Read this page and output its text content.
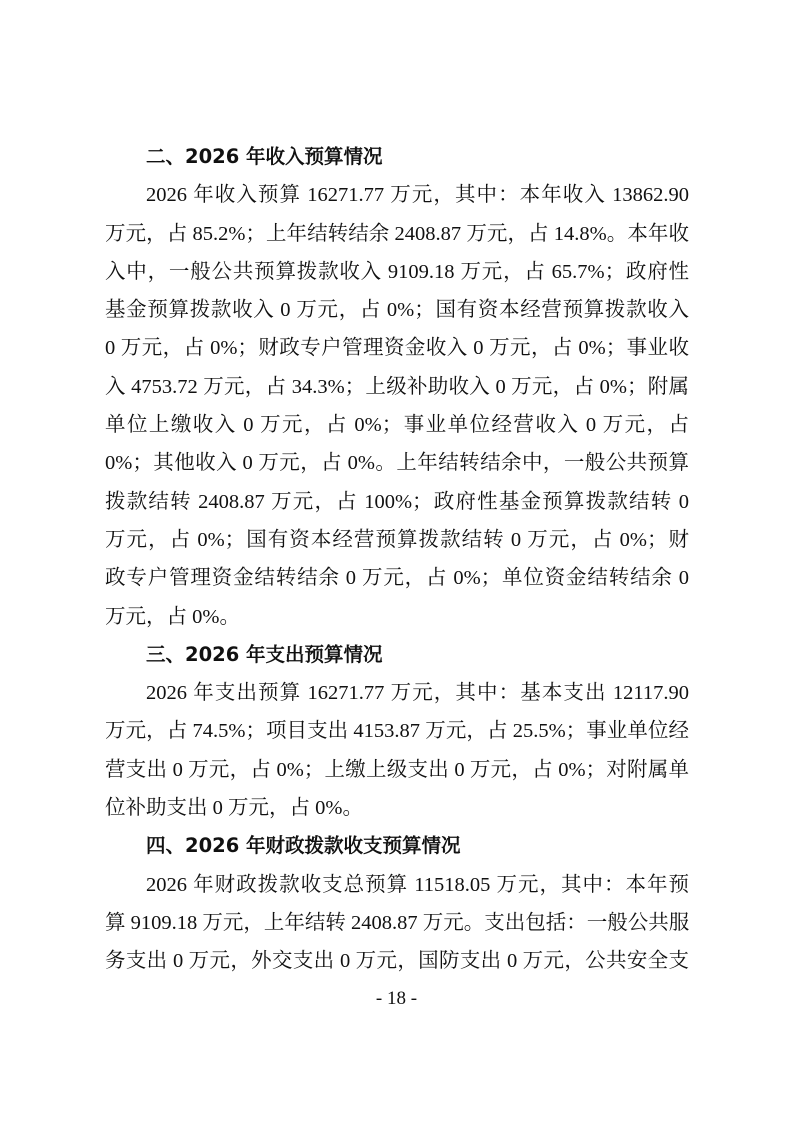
二、2026 年收入预算情况
2026 年收入预算 16271.77 万元，其中：本年收入 13862.90
万元，占 85.2%；上年结转结余 2408.87 万元，占 14.8%。本年收
入中，一般公共预算拨款收入 9109.18 万元，占 65.7%；政府性
基金预算拨款收入 0 万元，占 0%；国有资本经营预算拨款收入
0 万元，占 0%；财政专户管理资金收入 0 万元，占 0%；事业收
入 4753.72 万元，占 34.3%；上级补助收入 0 万元，占 0%；附属
单位上缴收入 0 万元，占 0%；事业单位经营收入 0 万元，占
0%；其他收入 0 万元，占 0%。上年结转结余中，一般公共预算
拨款结转 2408.87 万元，占 100%；政府性基金预算拨款结转 0
万元，占 0%；国有资本经营预算拨款结转 0 万元，占 0%；财
政专户管理资金结转结余 0 万元，占 0%；单位资金结转结余 0
万元，占 0%。
三、2026 年支出预算情况
2026 年支出预算 16271.77 万元，其中：基本支出 12117.90
万元，占 74.5%；项目支出 4153.87 万元，占 25.5%；事业单位经
营支出 0 万元，占 0%；上缴上级支出 0 万元，占 0%；对附属单
位补助支出 0 万元，占 0%。
四、2026 年财政拨款收支预算情况
2026 年财政拨款收支总预算 11518.05 万元，其中：本年预
算 9109.18 万元，上年结转 2408.87 万元。支出包括：一般公共服
务支出 0 万元，外交支出 0 万元，国防支出 0 万元，公共安全支
- 18 -
